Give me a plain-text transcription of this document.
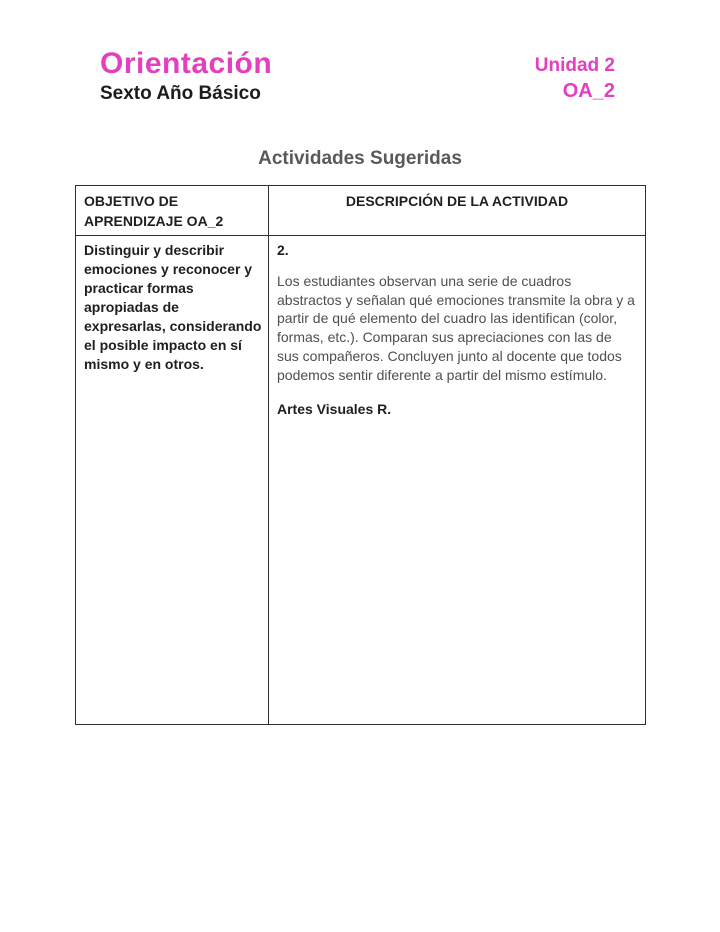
Orientación
Sexto Año Básico
Unidad 2
OA_2
Actividades Sugeridas
OBJETIVO DE APRENDIZAJE OA_2	DESCRIPCIÓN DE LA ACTIVIDAD
Distinguir y describir emociones y reconocer y practicar formas apropiadas de expresarlas, considerando el posible impacto en sí mismo y en otros.	2.
Los estudiantes observan una serie de cuadros abstractos y señalan qué emociones transmite la obra y a partir de qué elemento del cuadro las identifican (color, formas, etc.). Comparan sus apreciaciones con las de sus compañeros. Concluyen junto al docente que todos podemos sentir diferente a partir del mismo estímulo.
Artes Visuales R.
